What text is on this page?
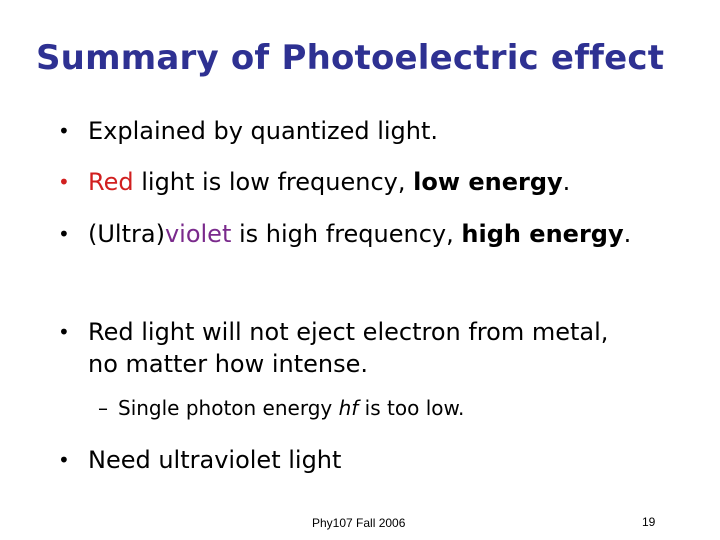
Summary of Photoelectric effect
• Explained by quantized light.
• Red light is low frequency, low energy.
• (Ultra)violet is high frequency, high energy.
• Red light will not eject electron from metal,
no matter how intense.
– Single photon energy hf is too low.
• Need ultraviolet light
Phy107 Fall 2006	19
